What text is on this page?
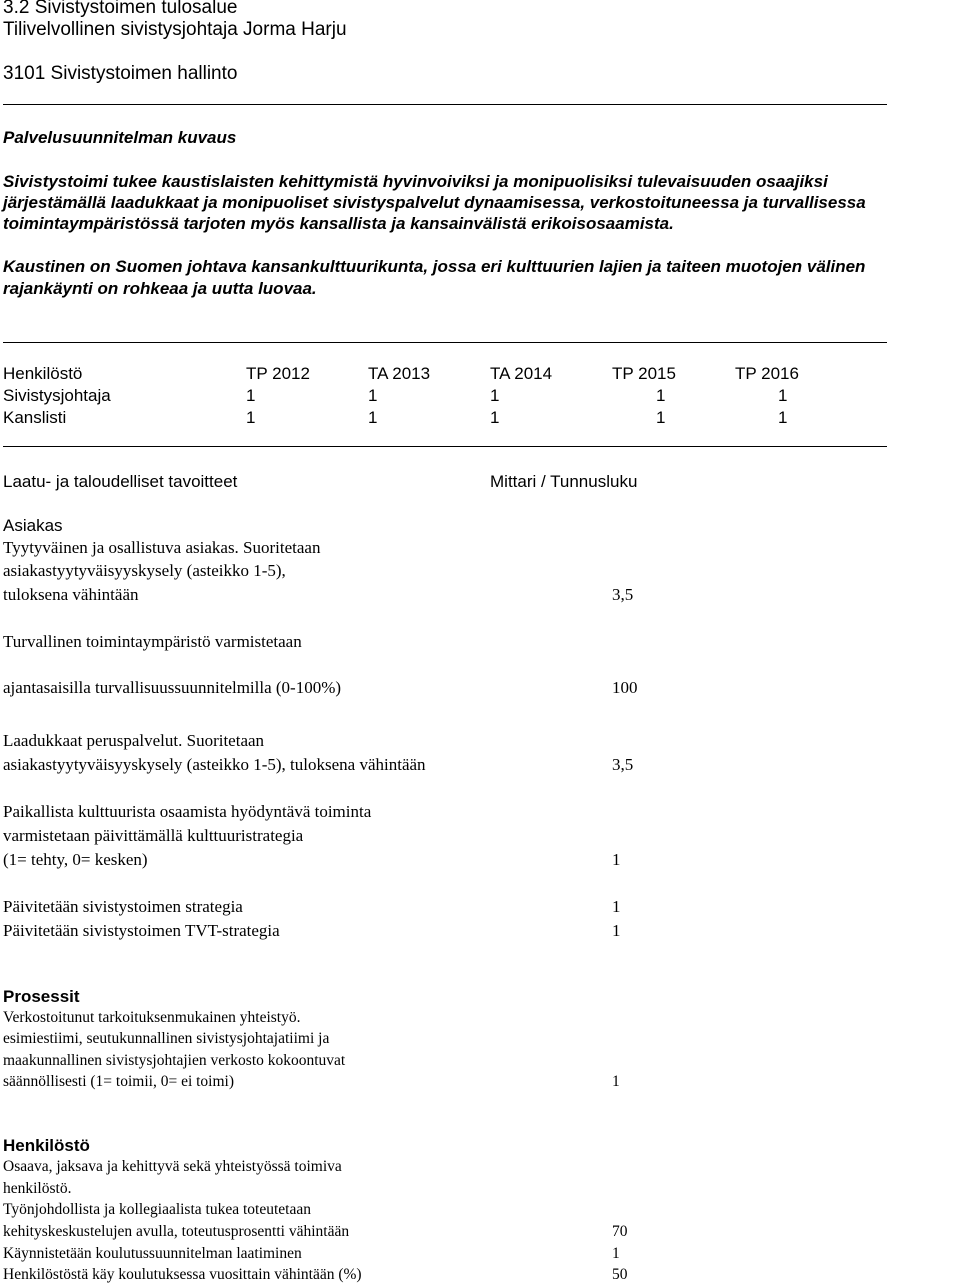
3.2 Sivistystoimen tulosalue
Tilivelvollinen sivistysjohtaja Jorma Harju
3101 Sivistystoimen hallinto
Palvelusuunnitelman kuvaus
Sivistystoimi tukee kaustislaisten kehittymistä hyvinvoiviksi ja monipuolisiksi tulevaisuuden osaajiksi
järjestämällä laadukkaat ja monipuoliset sivistyspalvelut dynaamisessa, verkostoituneessa ja turvallisessa
toimintaympäristössä tarjoten myös kansallista ja kansainvälistä erikoisosaamista.
Kaustinen on Suomen johtava kansankulttuurikunta, jossa eri kulttuurien lajien ja taiteen muotojen välinen
rajankäynti on rohkeaa ja uutta luovaa.
Henkilöstö	TP 2012	TA 2013	TA 2014	TP 2015	TP 2016
Sivistysjohtaja	1	1	1	1	1
Kanslisti	1	1	1	1	1
Laatu- ja taloudelliset tavoitteet	Mittari / Tunnusluku
Asiakas
Tyytyväinen ja osallistuva asiakas. Suoritetaan
asiakastyytyväisyyskysely (asteikko 1-5),
tuloksena vähintään	3,5
Turvallinen toimintaympäristö varmistetaan
ajantasaisilla turvallisuussuunnitelmilla (0-100%)	100
Laadukkaat peruspalvelut. Suoritetaan
asiakastyytyväisyyskysely (asteikko 1-5), tuloksena vähintään	3,5
Paikallista kulttuurista osaamista hyödyntävä toiminta
varmistetaan päivittämällä kulttuuristrategia
(1= tehty, 0= kesken)	1
Päivitetään sivistystoimen strategia	1
Päivitetään sivistystoimen TVT-strategia	1
Prosessit
Verkostoitunut tarkoituksenmukainen yhteistyö.
esimiestiimi, seutukunnallinen sivistysjohtajatiimi ja
maakunnallinen sivistysjohtajien verkosto kokoontuvat
säännöllisesti (1= toimii, 0= ei toimi)	1
Henkilöstö
Osaava, jaksava ja kehittyvä sekä yhteistyössä toimiva
henkilöstö.
Työnjohdollista ja kollegiaalista tukea toteutetaan
kehityskeskustelujen avulla, toteutusprosentti vähintään	70
Käynnistetään koulutussuunnitelman laatiminen	1
Henkilöstöstä käy koulutuksessa vuosittain vähintään (%)	50
